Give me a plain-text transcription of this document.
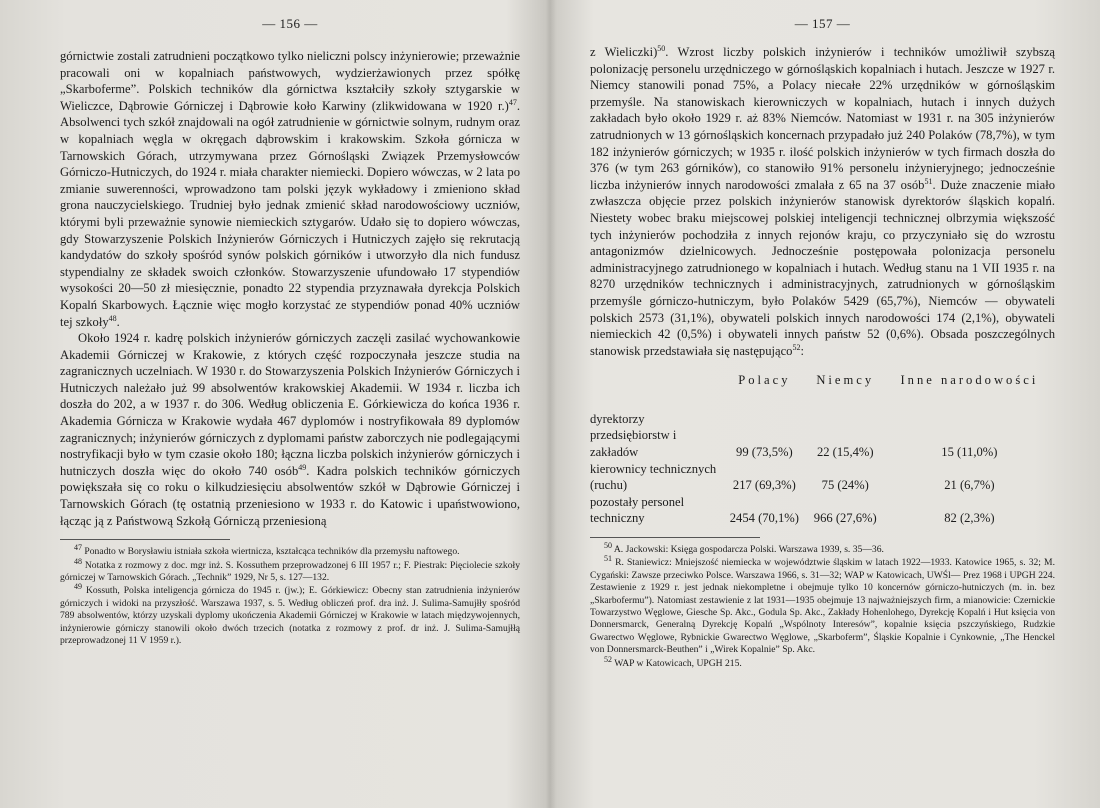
— 156 —

górnictwie zostali zatrudnieni początkowo tylko nieliczni polscy inżynierowie; przeważnie pracowali oni w kopalniach państwowych, wydzierżawionych przez spółkę „Skarboferme”. Polskich techników dla górnictwa kształciły szkoły sztygarskie w Wieliczce, Dąbrowie Górniczej i Dąbrowie koło Karwiny (zlikwidowana w 1920 r.)$^{47}$. Absolwenci tych szkół znajdowali na ogół zatrudnienie w górnictwie solnym, rudnym oraz w kopalniach węgla w okręgach dąbrowskim i krakowskim. Szkoła górnicza w Tarnowskich Górach, utrzymywana przez Górnośląski Związek Przemysłowców Górniczo-Hutniczych, do 1924 r. miała charakter niemiecki. Dopiero wówczas, w 2 lata po zmianie suwerenności, wprowadzono tam polski język wykładowy i zmieniono skład grona nauczycielskiego. Trudniej było jednak zmienić skład narodowościowy uczniów, którymi byli przeważnie synowie niemieckich sztygarów. Udało się to dopiero wówczas, gdy Stowarzyszenie Polskich Inżynierów Górniczych i Hutniczych zajęło się rekrutacją kandydatów do szkoły spośród synów polskich górników i utworzyło dla nich fundusz stypendialny ze składek swoich członków. Stowarzyszenie ufundowało 17 stypendiów wysokości 20—50 zł miesięcznie, ponadto 22 stypendia przyznawała dyrekcja Polskich Kopalń Skarbowych. Łącznie więc mogło korzystać ze stypendiów ponad 40% uczniów tej szkoły$^{48}$.

Około 1924 r. kadrę polskich inżynierów górniczych zaczęli zasilać wychowankowie Akademii Górniczej w Krakowie, z których część rozpoczynała jeszcze studia na zagranicznych uczelniach. W 1930 r. do Stowarzyszenia Polskich Inżynierów Górniczych i Hutniczych należało już 99 absolwentów krakowskiej Akademii. W 1934 r. liczba ich doszła do 202, a w 1937 r. do 306. Według obliczenia E. Górkiewicza do końca 1936 r. Akademia Górnicza w Krakowie wydała 467 dyplomów i nostryfikowała 89 dyplomów zagranicznych; inżynierów górniczych z dyplomami państw zaborczych nie podlegającymi nostryfikacji było w tym czasie około 180; łączna liczba polskich inżynierów górniczych i hutniczych doszła więc do około 740 osób$^{49}$. Kadra polskich techników górniczych powiększała się co roku o kilkudziesięciu absolwentów szkół w Dąbrowie Górniczej i Tarnowskich Górach (tę ostatnią przeniesiono w 1933 r. do Katowic i upaństwowiono, łącząc ją z Państwową Szkołą Górniczą przeniesioną

$^{47}$ Ponadto w Borysławiu istniała szkoła wiertnicza, kształcąca techników dla przemysłu naftowego.

$^{48}$ Notatka z rozmowy z doc. mgr inż. S. Kossuthem przeprowadzonej 6 III 1957 r.; F. Piestrak: Pięciolecie szkoły górniczej w Tarnowskich Górach. „Technik” 1929, Nr 5, s. 127—132.

$^{49}$ Kossuth, Polska inteligencja górnicza do 1945 r. (jw.); E. Górkiewicz: Obecny stan zatrudnienia inżynierów górniczych i widoki na przyszłość. Warszawa 1937, s. 5. Według obliczeń prof. dra inż. J. Sulima-Samujłły spośród 789 absolwentów, którzy uzyskali dyplomy ukończenia Akademii Górniczej w Krakowie w latach międzywojennych, inżynierowie górniczy stanowili około dwóch trzecich (notatka z rozmowy z prof. dr inż. J. Sulima-Samujłłą przeprowadzonej 11 V 1959 r.).

— 157 —

z Wieliczki)$^{50}$. Wzrost liczby polskich inżynierów i techników umożliwił szybszą polonizację personelu urzędniczego w górnośląskich kopalniach i hutach. Jeszcze w 1927 r. Niemcy stanowili ponad 75%, a Polacy niecałe 22% urzędników w górnośląskim przemyśle. Na stanowiskach kierowniczych w kopalniach, hutach i innych dużych zakładach było około 1929 r. aż 83% Niemców. Natomiast w 1931 r. na 305 inżynierów zatrudnionych w 13 górnośląskich koncernach przypadało już 240 Polaków (78,7%), w tym 182 inżynierów górniczych; w 1935 r. ilość polskich inżynierów w tych firmach doszła do 376 (w tym 263 górników), co stanowiło 91% personelu inżynieryjnego; jednocześnie liczba inżynierów innych narodowości zmalała z 65 na 37 osób$^{51}$. Duże znaczenie miało zwłaszcza objęcie przez polskich inżynierów stanowisk dyrektorów śląskich kopalń. Niestety wobec braku miejscowej polskiej inteligencji technicznej olbrzymia większość tych inżynierów pochodziła z innych rejonów kraju, co przyczyniało się do wzrostu antagonizmów dzielnicowych. Jednocześnie postępowała polonizacja personelu administracyjnego zatrudnionego w kopalniach i hutach. Według stanu na 1 VII 1935 r. na 8270 urzędników technicznych i administracyjnych, zatrudnionych w górnośląskim przemyśle górniczo-hutniczym, było Polaków 5429 (65,7%), Niemców — obywateli polskich 2573 (31,1%), obywateli polskich innych narodowości 174 (2,1%), obywateli niemieckich 42 (0,5%) i obywateli innych państw 52 (0,6%). Obsada poszczególnych stanowisk przedstawiała się następująco$^{52}$:

	Polacy	Niemcy	Inne narodowości
dyrektorzy przedsiębiorstw i zakładów	99 (73,5%)	22 (15,4%)	15 (11,0%)
kierownicy technicznych (ruchu)	217 (69,3%)	75 (24%)	21 (6,7%)
pozostały personel techniczny	2454 (70,1%)	966 (27,6%)	82 (2,3%)

$^{50}$ A. Jackowski: Księga gospodarcza Polski. Warszawa 1939, s. 35—36.

$^{51}$ R. Staniewicz: Mniejszość niemiecka w województwie śląskim w latach 1922—1933. Katowice 1965, s. 32; M. Cygański: Zawsze przeciwko Polsce. Warszawa 1966, s. 31—32; WAP w Katowicach, UWŚl— Prez 1968 i UPGH 224. Zestawienie z 1929 r. jest jednak niekompletne i obejmuje tylko 10 koncernów górniczo-hutniczych (m. in. bez „Skarbofermu”). Natomiast zestawienie z lat 1931—1935 obejmuje 13 najważniejszych firm, a mianowicie: Czernickie Towarzystwo Węglowe, Giesche Sp. Akc., Godula Sp. Akc., Zakłady Hohenlohego, Dyrekcję Kopalń i Hut księcia von Donnersmarck, Generalną Dyrekcję Kopalń „Wspólnoty Interesów”, kopalnie księcia pszczyńskiego, Rudzkie Gwarectwo Węglowe, Rybnickie Gwarectwo Węglowe, „Skarboferm”, Śląskie Kopalnie i Cynkownie, „The Henckel von Donnersmarck-Beuthen” i „Wirek Kopalnie” Sp. Akc.

$^{52}$ WAP w Katowicach, UPGH 215.
